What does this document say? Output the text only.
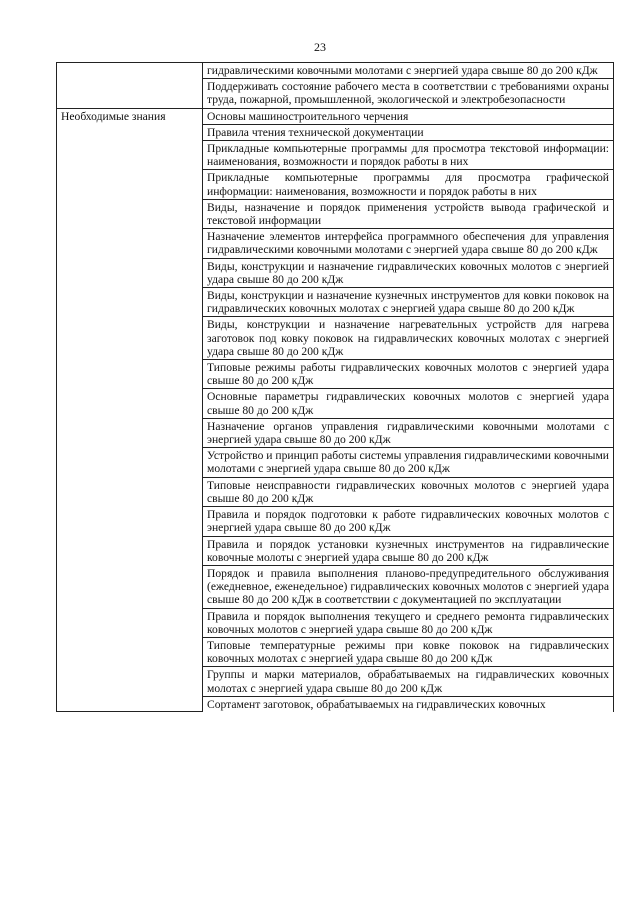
23
	гидравлическими ковочными молотами с энергией удара свыше 80 до 200 кДж
	Поддерживать состояние рабочего места в соответствии с требованиями охраны труда, пожарной, промышленной, экологической и электробезопасности
Необходимые знания	Основы машиностроительного черчения
	Правила чтения технической документации
	Прикладные компьютерные программы для просмотра текстовой информации: наименования, возможности и порядок работы в них
	Прикладные компьютерные программы для просмотра графической информации: наименования, возможности и порядок работы в них
	Виды, назначение и порядок применения устройств вывода графической и текстовой информации
	Назначение элементов интерфейса программного обеспечения для управления гидравлическими ковочными молотами с энергией удара свыше 80 до 200 кДж
	Виды, конструкции и назначение гидравлических ковочных молотов с энергией удара свыше 80 до 200 кДж
	Виды, конструкции и назначение кузнечных инструментов для ковки поковок на гидравлических ковочных молотах с энергией удара свыше 80 до 200 кДж
	Виды, конструкции и назначение нагревательных устройств для нагрева заготовок под ковку поковок на гидравлических ковочных молотах с энергией удара свыше 80 до 200 кДж
	Типовые режимы работы гидравлических ковочных молотов с энергией удара свыше 80 до 200 кДж
	Основные параметры гидравлических ковочных молотов с энергией удара свыше 80 до 200 кДж
	Назначение органов управления гидравлическими ковочными молотами с энергией удара свыше 80 до 200 кДж
	Устройство и принцип работы системы управления гидравлическими ковочными молотами с энергией удара свыше 80 до 200 кДж
	Типовые неисправности гидравлических ковочных молотов с энергией удара свыше 80 до 200 кДж
	Правила и порядок подготовки к работе гидравлических ковочных молотов с энергией удара свыше 80 до 200 кДж
	Правила и порядок установки кузнечных инструментов на гидравлические ковочные молоты с энергией удара свыше 80 до 200 кДж
	Порядок и правила выполнения планово-предупредительного обслуживания (ежедневное, еженедельное) гидравлических ковочных молотов с энергией удара свыше 80 до 200 кДж в соответствии с документацией по эксплуатации
	Правила и порядок выполнения текущего и среднего ремонта гидравлических ковочных молотов с энергией удара свыше 80 до 200 кДж
	Типовые температурные режимы при ковке поковок на гидравлических ковочных молотах с энергией удара свыше 80 до 200 кДж
	Группы и марки материалов, обрабатываемых на гидравлических ковочных молотах с энергией удара свыше 80 до 200 кДж
	Сортамент заготовок, обрабатываемых на гидравлических ковочных
